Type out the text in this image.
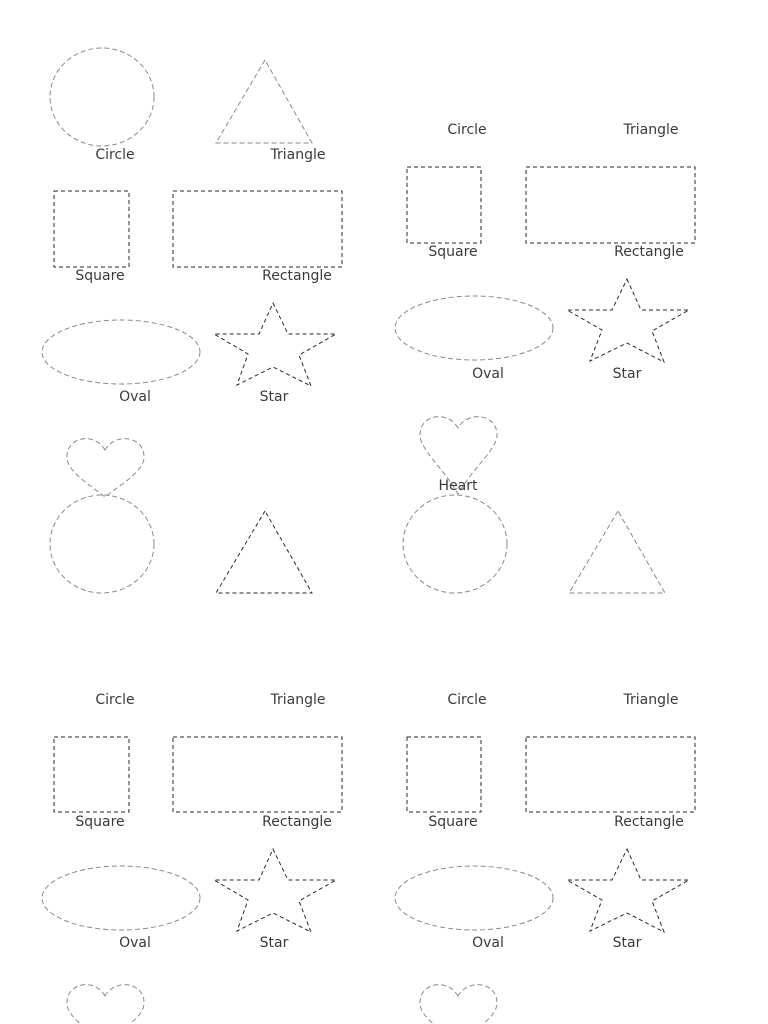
Circle	Triangle
Square	Rectangle
Oval	Star
Circle	Triangle
Square	Rectangle
Oval	Star
Heart
Circle	Triangle
Square	Rectangle
Oval	Star
Circle	Triangle
Square	Rectangle
Oval	Star
